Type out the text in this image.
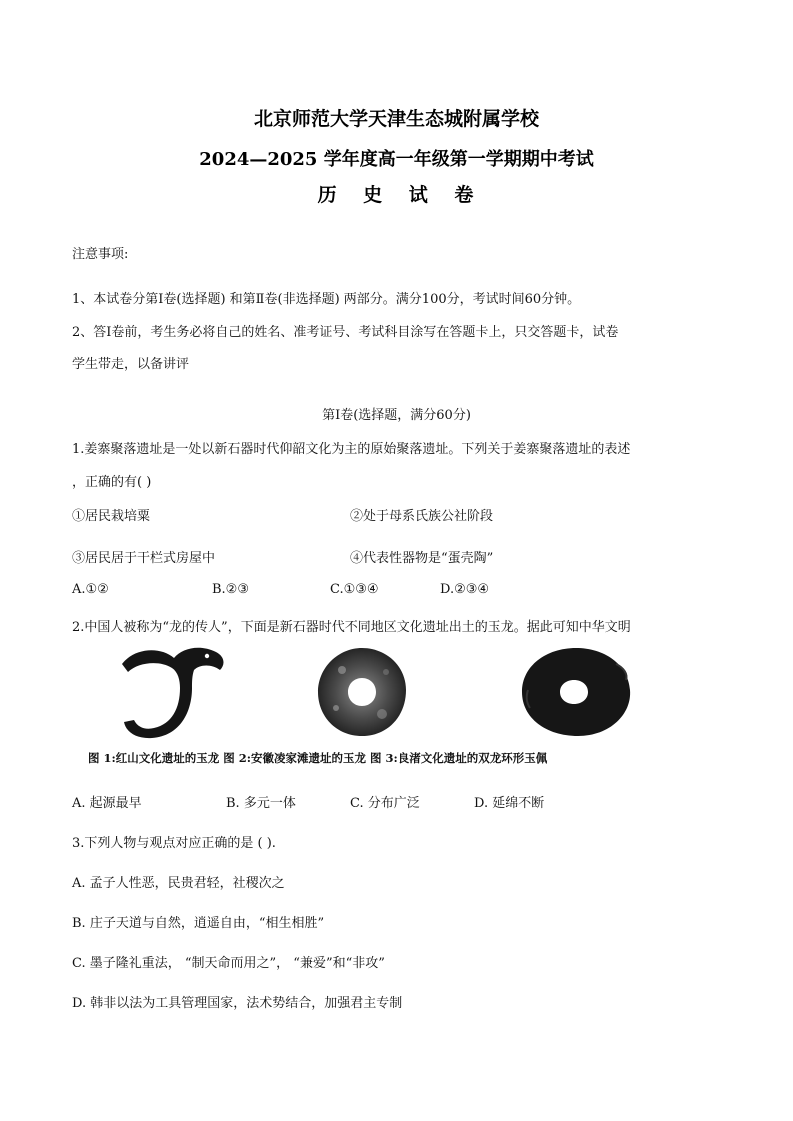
北京师范大学天津生态城附属学校
2024—2025 学年度高一年级第一学期期中考试
历 史 试 卷
注意事项:
1、本试卷分第Ⅰ卷(选择题) 和第Ⅱ卷(非选择题) 两部分。满分100分，考试时间60分钟。
2、答Ⅰ卷前，考生务必将自己的姓名、准考证号、考试科目涂写在答题卡上，只交答题卡，试卷
学生带走，以备讲评
第Ⅰ卷(选择题，满分60分)
1.姜寨聚落遗址是一处以新石器时代仰韶文化为主的原始聚落遗址。下列关于姜寨聚落遗址的表述
，正确的有( )
①居民栽培粟	②处于母系氏族公社阶段
③居民居于干栏式房屋中	④代表性器物是“蛋壳陶”
A.①②	B.②③	C.①③④	D.②③④
2.中国人被称为“龙的传人”，下面是新石器时代不同地区文化遗址出土的玉龙。据此可知中华文明
图 1:红山文化遗址的玉龙 图 2:安徽凌家滩遗址的玉龙 图 3:良渚文化遗址的双龙环形玉佩
A. 起源最早	B. 多元一体	C. 分布广泛	D. 延绵不断
3.下列人物与观点对应正确的是 ( ).
A. 孟子人性恶，民贵君轻，社稷次之
B. 庄子天道与自然，逍遥自由，“相生相胜”
C. 墨子隆礼重法， “制天命而用之”， “兼爱”和“非攻”
D. 韩非以法为工具管理国家，法术势结合，加强君主专制
